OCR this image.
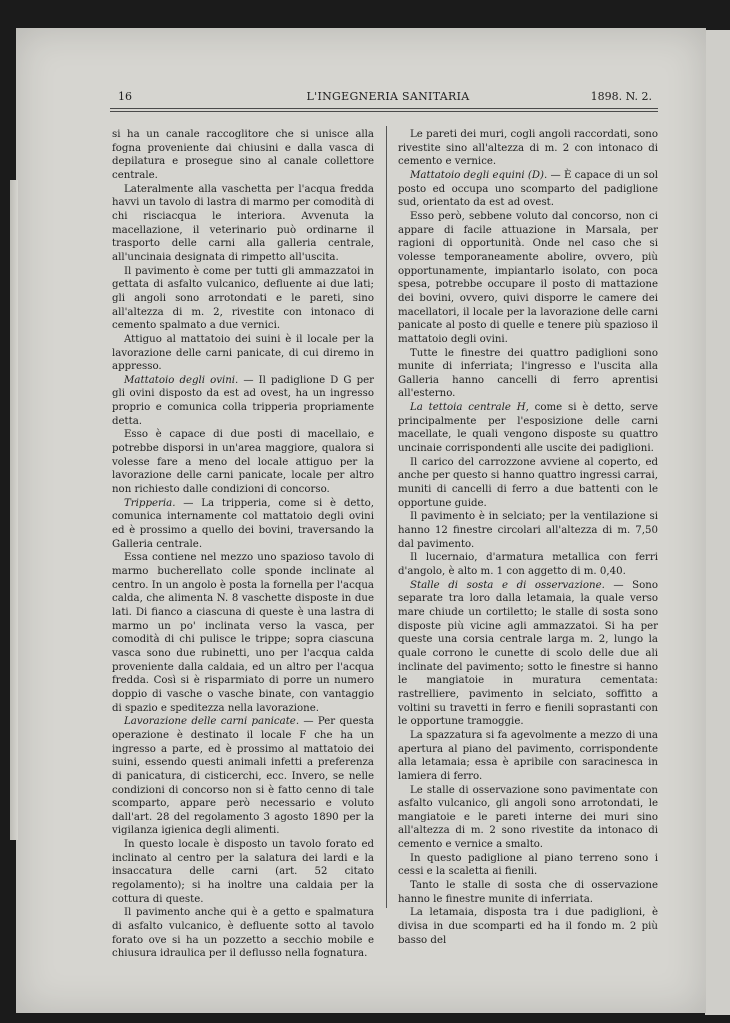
16	L'INGEGNERIA SANITARIA	1898. N. 2.

si ha un canale raccoglitore che si unisce alla fogna proveniente dai chiusini e dalla vasca di depilatura e prosegue sino al canale collettore centrale.

Lateralmente alla vaschetta per l'acqua fredda havvi un tavolo di lastra di marmo per comodità di chi risciacqua le interiora. Avvenuta la macellazione, il veterinario può ordinarne il trasporto delle carni alla galleria centrale, all'uncinaia designata di rimpetto all'uscita.

Il pavimento è come per tutti gli ammazzatoi in gettata di asfalto vulcanico, defluente ai due lati; gli angoli sono arrotondati e le pareti, sino all'altezza di m. 2, rivestite con intonaco di cemento spalmato a due vernici.

Attiguo al mattatoio dei suini è il locale per la lavorazione delle carni panicate, di cui diremo in appresso.

Mattatoio degli ovini. — Il padiglione D G per gli ovini disposto da est ad ovest, ha un ingresso proprio e comunica colla tripperia propriamente detta.

Esso è capace di due posti di macellaio, e potrebbe disporsi in un'area maggiore, qualora si volesse fare a meno del locale attiguo per la lavorazione delle carni panicate, locale per altro non richiesto dalle condizioni di concorso.

Tripperia. — La tripperia, come si è detto, comunica internamente col mattatoio degli ovini ed è prossimo a quello dei bovini, traversando la Galleria centrale.

Essa contiene nel mezzo uno spazioso tavolo di marmo bucherellato colle sponde inclinate al centro. In un angolo è posta la fornella per l'acqua calda, che alimenta N. 8 vaschette disposte in due lati. Di fianco a ciascuna di queste è una lastra di marmo un po' inclinata verso la vasca, per comodità di chi pulisce le trippe; sopra ciascuna vasca sono due rubinetti, uno per l'acqua calda proveniente dalla caldaia, ed un altro per l'acqua fredda. Così si è risparmiato di porre un numero doppio di vasche o vasche binate, con vantaggio di spazio e speditezza nella lavorazione.

Lavorazione delle carni panicate. — Per questa operazione è destinato il locale F che ha un ingresso a parte, ed è prossimo al mattatoio dei suini, essendo questi animali infetti a preferenza di panicatura, di cisticerchi, ecc. Invero, se nelle condizioni di concorso non si è fatto cenno di tale scomparto, appare però necessario e voluto dall'art. 28 del regolamento 3 agosto 1890 per la vigilanza igienica degli alimenti.

In questo locale è disposto un tavolo forato ed inclinato al centro per la salatura dei lardi e la insaccatura delle carni (art. 52 citato regolamento); si ha inoltre una caldaia per la cottura di queste.

Il pavimento anche qui è a getto e spalmatura di asfalto vulcanico, è defluente sotto al tavolo forato ove si ha un pozzetto a secchio mobile e chiusura idraulica per il deflusso nella fognatura.

Le pareti dei muri, cogli angoli raccordati, sono rivestite sino all'altezza di m. 2 con intonaco di cemento e vernice.

Mattatoio degli equini (D). — È capace di un sol posto ed occupa uno scomparto del padiglione sud, orientato da est ad ovest.

Esso però, sebbene voluto dal concorso, non ci appare di facile attuazione in Marsala, per ragioni di opportunità. Onde nel caso che si volesse temporaneamente abolire, ovvero, più opportunamente, impiantarlo isolato, con poca spesa, potrebbe occupare il posto di mattazione dei bovini, ovvero, quivi disporre le camere dei macellatori, il locale per la lavorazione delle carni panicate al posto di quelle e tenere più spazioso il mattatoio degli ovini.

Tutte le finestre dei quattro padiglioni sono munite di inferriata; l'ingresso e l'uscita alla Galleria hanno cancelli di ferro aprentisi all'esterno.

La tettoia centrale H, come si è detto, serve principalmente per l'esposizione delle carni macellate, le quali vengono disposte su quattro uncinaie corrispondenti alle uscite dei padiglioni.

Il carico del carrozzone avviene al coperto, ed anche per questo si hanno quattro ingressi carrai, muniti di cancelli di ferro a due battenti con le opportune guide.

Il pavimento è in selciato; per la ventilazione si hanno 12 finestre circolari all'altezza di m. 7,50 dal pavimento.

Il lucernaio, d'armatura metallica con ferri d'angolo, è alto m. 1 con aggetto di m. 0,40.

Stalle di sosta e di osservazione. — Sono separate tra loro dalla letamaia, la quale verso mare chiude un cortiletto; le stalle di sosta sono disposte più vicine agli ammazzatoi. Si ha per queste una corsia centrale larga m. 2, lungo la quale corrono le cunette di scolo delle due ali inclinate del pavimento; sotto le finestre si hanno le mangiatoie in muratura cementata: rastrelliere, pavimento in selciato, soffitto a voltini su travetti in ferro e fienili soprastanti con le opportune tramoggie.

La spazzatura si fa agevolmente a mezzo di una apertura al piano del pavimento, corrispondente alla letamaia; essa è apribile con saracinesca in lamiera di ferro.

Le stalle di osservazione sono pavimentate con asfalto vulcanico, gli angoli sono arrotondati, le mangiatoie e le pareti interne dei muri sino all'altezza di m. 2 sono rivestite da intonaco di cemento e vernice a smalto.

In questo padiglione al piano terreno sono i cessi e la scaletta ai fienili.

Tanto le stalle di sosta che di osservazione hanno le finestre munite di inferriata.

La letamaia, disposta tra i due padiglioni, è divisa in due scomparti ed ha il fondo m. 2 più basso del
